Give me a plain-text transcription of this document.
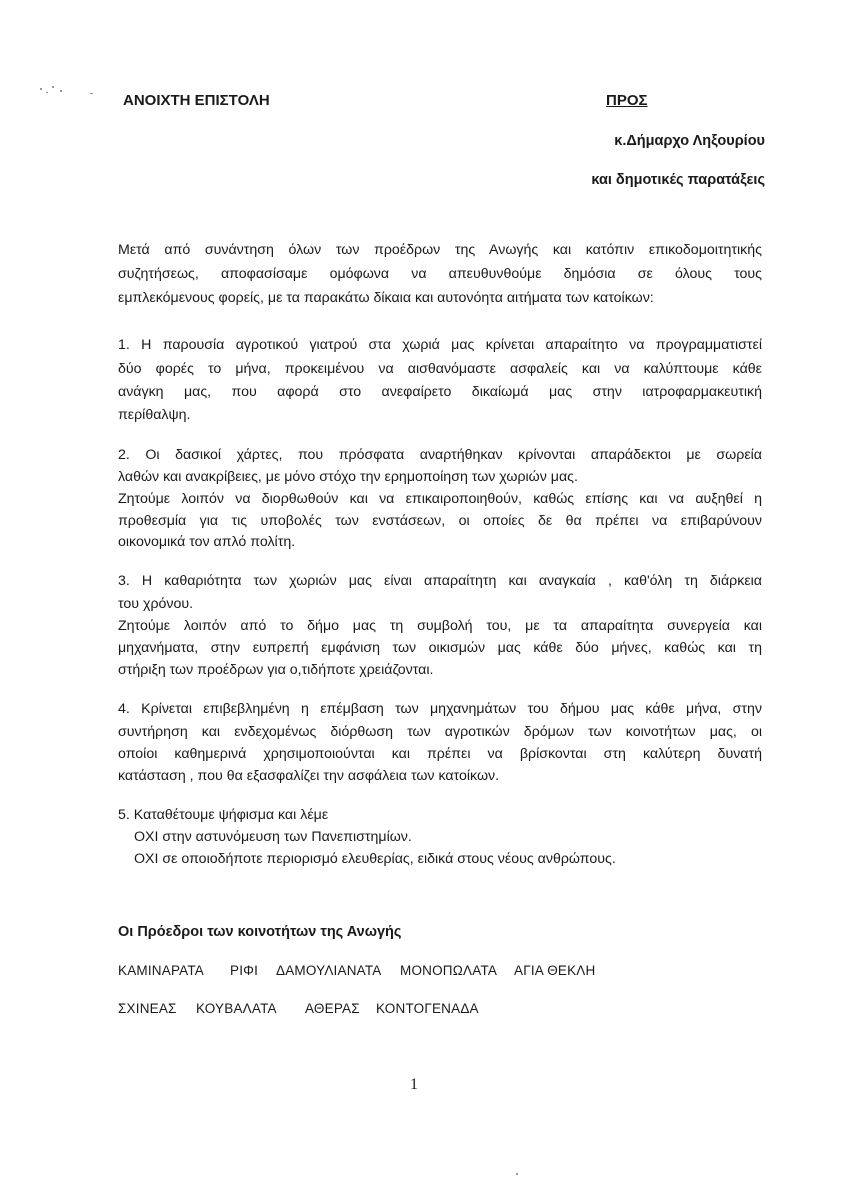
ΑΝΟΙΧΤΗ ΕΠΙΣΤΟΛΗ	ΠΡΟΣ
κ.Δήμαρχο Ληξουρίου
και δημοτικές παρατάξεις
Μετά από συνάντηση όλων των προέδρων της Ανωγής και κατόπιν επικοδομοιτητικής
συζητήσεως, αποφασίσαμε ομόφωνα να απευθυνθούμε δημόσια σε όλους τους
εμπλεκόμενους φορείς, με τα παρακάτω δίκαια και αυτονόητα αιτήματα των κατοίκων:
1. Η παρουσία αγροτικού γιατρού στα χωριά μας κρίνεται απαραίτητο να προγραμματιστεί
δύο φορές το μήνα, προκειμένου να αισθανόμαστε ασφαλείς και να καλύπτουμε κάθε
ανάγκη μας, που αφορά στο ανεφαίρετο δικαίωμά μας στην ιατροφαρμακευτική
περίθαλψη.
2. Οι δασικοί χάρτες, που πρόσφατα αναρτήθηκαν κρίνονται απαράδεκτοι με σωρεία
λαθών και ανακρίβειες, με μόνο στόχο την ερημοποίηση των χωριών μας.
Ζητούμε λοιπόν να διορθωθούν και να επικαιροποιηθούν, καθώς επίσης και να αυξηθεί η
προθεσμία για τις υποβολές των ενστάσεων, οι οποίες δε θα πρέπει να επιβαρύνουν
οικονομικά τον απλό πολίτη.
3. Η καθαριότητα των χωριών μας είναι απαραίτητη και αναγκαία , καθ'όλη τη διάρκεια
του χρόνου.
Ζητούμε λοιπόν από το δήμο μας τη συμβολή του, με τα απαραίτητα συνεργεία και
μηχανήματα, στην ευπρεπή εμφάνιση των οικισμών μας κάθε δύο μήνες, καθώς και τη
στήριξη των προέδρων για ο,τιδήποτε χρειάζονται.
4. Κρίνεται επιβεβλημένη η επέμβαση των μηχανημάτων του δήμου μας κάθε μήνα, στην
συντήρηση και ενδεχομένως διόρθωση των αγροτικών δρόμων των κοινοτήτων μας, οι
οποίοι καθημερινά χρησιμοποιούνται και πρέπει να βρίσκονται στη καλύτερη δυνατή
κατάσταση , που θα εξασφαλίζει την ασφάλεια των κατοίκων.
5. Καταθέτουμε ψήφισμα και λέμε
ΟΧΙ στην αστυνόμευση των Πανεπιστημίων.
ΟΧΙ σε οποιοδήποτε περιορισμό ελευθερίας, ειδικά στους νέους ανθρώπους.
Οι Πρόεδροι των κοινοτήτων της Ανωγής
ΚΑΜΙΝΑΡΑΤΑ ΡΙΦΙ ΔΑΜΟΥΛΙΑΝΑΤΑ ΜΟΝΟΠΩΛΑΤΑ ΑΓΙΑ ΘΕΚΛΗ
ΣΧΙΝΕΑΣ ΚΟΥΒΑΛΑΤΑ ΑΘΕΡΑΣ ΚΟΝΤΟΓΕΝΑΔΑ
1
